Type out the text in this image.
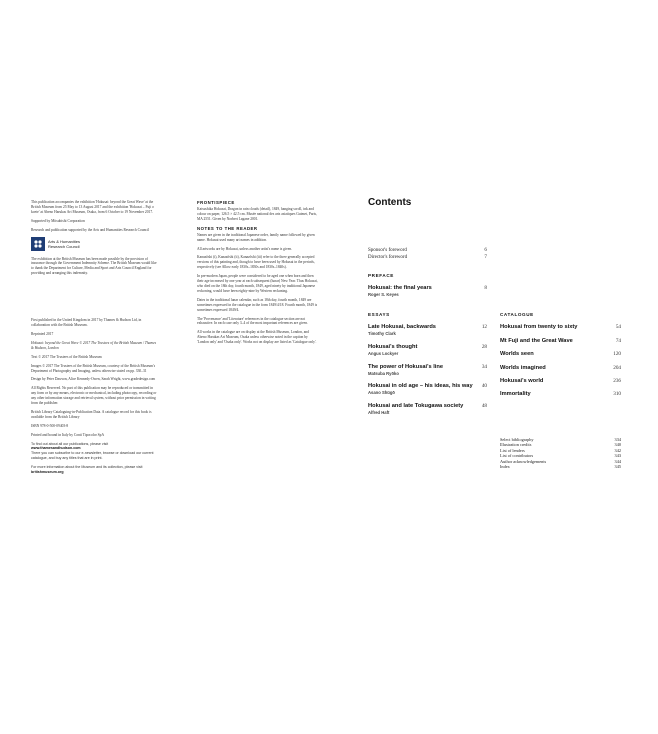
This publication accompanies the exhibition 'Hokusai: beyond the Great Wave' at the British Museum from 25 May to 13 August 2017 and the exhibition 'Hokusai – Fuji o koete' at Abeno Harukas Art Museum, Osaka, from 6 October to 19 November 2017.

Supported by Mitsubishi Corporation

Research and publication supported by the Arts and Humanities Research Council

Arts & Humanities
Research Council

The exhibition at the British Museum has been made possible by the provision of insurance through the Government Indemnity Scheme. The British Museum would like to thank the Department for Culture, Media and Sport and Arts Council England for providing and arranging this indemnity.

First published in the United Kingdom in 2017 by Thames & Hudson Ltd, in collaboration with the British Museum.

Reprinted 2017

Hokusai: beyond the Great Wave © 2017 The Trustees of the British Museum / Thames & Hudson, London

Text © 2017 The Trustees of the British Museum

Images © 2017 The Trustees of the British Museum, courtesy of the British Museum's Department of Photography and Imaging, unless otherwise stated on pp. 330–31

Design by Peter Dawson, Alice Kennedy-Owen, Sarah Wright, www.gradedesign.com

All Rights Reserved. No part of this publication may be reproduced or transmitted in any form or by any means, electronic or mechanical, including photocopy, recording or any other information storage and retrieval system, without prior permission in writing from the publisher.

British Library Cataloguing-in-Publication Data. A catalogue record for this book is available from the British Library

ISBN 978-0-500-09403-8

Printed and bound in Italy by Conti Tipocolor SpA

To find out about all our publications, please visit

www.thamesandhudson.com

There you can subscribe to our e-newsletter, browse or download our current catalogue, and buy any titles that are in print.

For more information about the Museum and its collection, please visit

britishmuseum.org

FRONTISPIECE

Katsushika Hokusai, Dragon in rain clouds (detail), 1849, hanging scroll, ink and colour on paper, 126.5 × 42.5 cm. Musée national des arts asiatiques Guimet, Paris, MA 2551. Given by Norbert Lagane 2001.

NOTES TO THE READER

Names are given in the traditional Japanese order, family name followed by given name. Hokusai used many art names in addition.

All artworks are by Hokusai, unless another artist's name is given.

Kanazōshi (i), Kanazōshi (ii), Kanazōshi (iii) refer to the three generally accepted versions of this painting and, though to have been used by Hokusai in the periods, respectively (see Allow early 1830s–1830s and 1830s–1840s).

In pre-modern Japan, people were considered to be aged one when born and then their age increased by one year at each subsequent (lunar) New Year. Thus Hokusai, who died on the 18th day, fourth month, 1849, aged ninety by traditional Japanese reckoning, would have been eighty-nine by Western reckoning.

Dates in the traditional lunar calendar, such as 18th day, fourth month, 1849 are sometimes expressed in the catalogue in the form 1849/4/18. Fourth month, 1849 is sometimes expressed 1849/4.

The 'Provenance' and 'Literature' references in the catalogue section are not exhaustive. In each case only 3–4 of the most important references are given.

All works in the catalogue are on display at the British Museum, London, and Abeno Harukas Art Museum, Osaka unless otherwise noted in the caption by 'London only' and 'Osaka only'. Works not on display are listed as 'Catalogue only'.

Contents
Sponsor's foreword	6
Director's foreword	7
PREFACE
Hokusai: the final years	8
Roger S. Keyes
ESSAYS
Late Hokusai, backwards	12
Timothy Clark
Hokusai's thought	28
Angus Lockyer
The power of Hokusai's line	34
Matsuba Ryōko
Hokusai in old age – his ideas, his way 40
Asano Shūgō
Hokusai and late Tokugawa society	48
Alfred Haft
CATALOGUE
Hokusai from twenty to sixty	54
Mt Fuji and the Great Wave	74
Worlds seen	120
Worlds imagined	204
Hokusai's world	236
Immortality	310
Select bibliography	334
Illustration credits	340
List of lenders	342
List of contributors	343
Author acknowledgements	344
Index	345
